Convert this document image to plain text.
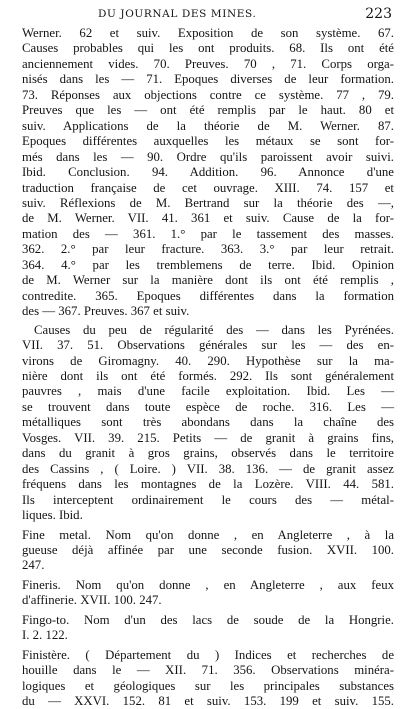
DU JOURNAL DES MINES.	223
Werner. 62 et suiv. Exposition de son système. 67.
Causes probables qui les ont produits. 68. Ils ont été
anciennement vides. 70. Preuves. 70 , 71. Corps orga-
nisés dans les — 71. Epoques diverses de leur formation.
73. Réponses aux objections contre ce système. 77 , 79.
Preuves que les — ont été remplis par le haut. 80 et
suiv. Applications de la théorie de M. Werner. 87.
Epoques différentes auxquelles les métaux se sont for-
més dans les — 90. Ordre qu'ils paroissent avoir suivi.
Ibid. Conclusion. 94. Addition. 96. Annonce d'une
traduction française de cet ouvrage. XIII. 74. 157 et
suiv. Réflexions de M. Bertrand sur la théorie des —,
de M. Werner. VII. 41. 361 et suiv. Cause de la for-
mation des — 361. 1.° par le tassement des masses.
362. 2.° par leur fracture. 363. 3.° par leur retrait.
364. 4.° par les tremblemens de terre. Ibid. Opinion
de M. Werner sur la manière dont ils ont été remplis ,
contredite. 365. Epoques différentes dans la formation
des — 367. Preuves. 367 et suiv.
Causes du peu de régularité des — dans les Pyrénées.
VII. 37. 51. Observations générales sur les — des en-
virons de Giromagny. 40. 290. Hypothèse sur la ma-
nière dont ils ont été formés. 292. Ils sont généralement
pauvres , mais d'une facile exploitation. Ibid. Les —
se trouvent dans toute espèce de roche. 316. Les —
métalliques sont très abondans dans la chaîne des
Vosges. VII. 39. 215. Petits — de granit à grains fins,
dans du granit à gros grains, observés dans le territoire
des Cassins , ( Loire. ) VII. 38. 136. — de granit assez
fréquens dans les montagnes de la Lozère. VIII. 44. 581.
Ils interceptent ordinairement le cours des — métal-
liques. Ibid.
Fine metal. Nom qu'on donne , en Angleterre , à la
gueuse déjà affinée par une seconde fusion. XVII. 100.
247.
Fineris. Nom qu'on donne , en Angleterre , aux feux
d'affinerie. XVII. 100. 247.
Fingo-to. Nom d'un des lacs de soude de la Hongrie.
I. 2. 122.
Finistère. ( Département du ) Indices et recherches de
houille dans le — XII. 71. 356. Observations minéra-
logiques et géologiques sur les principales substances
du — XXVI. 152. 81 et suiv. 153. 199 et suiv. 155.
